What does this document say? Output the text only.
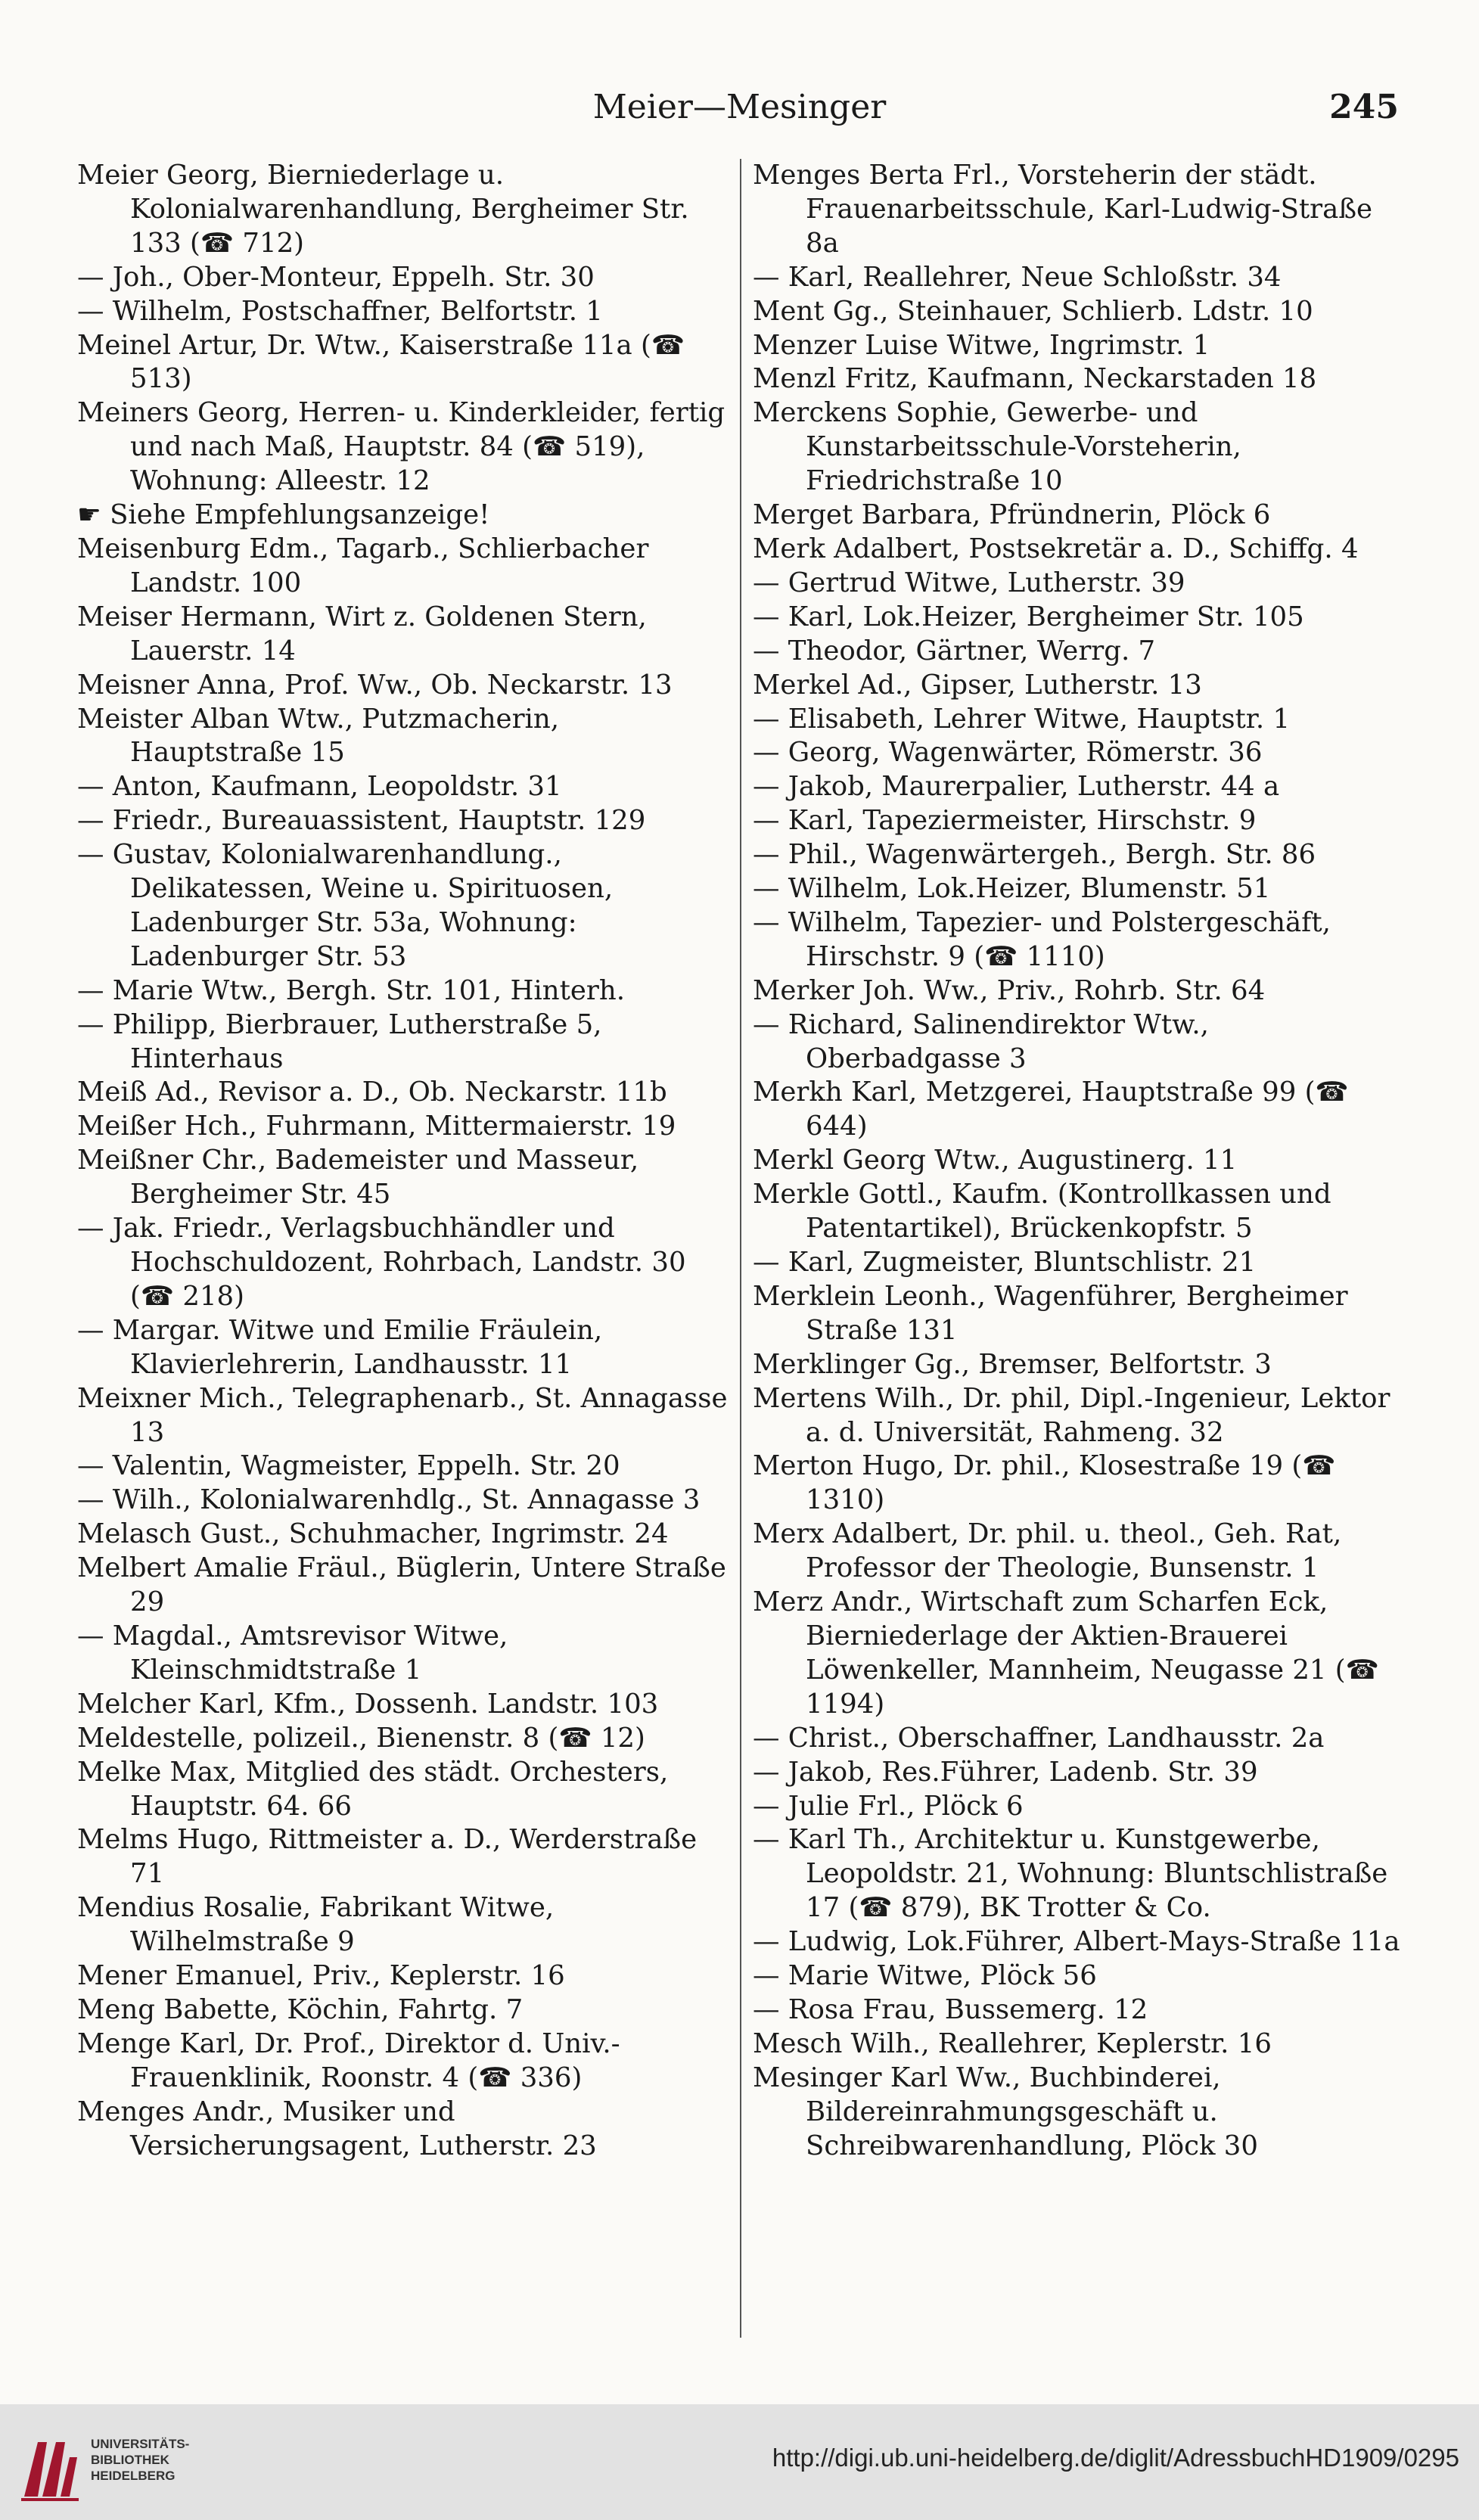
Meier—Mesinger	245
Meier Georg, Bierniederlage u. Kolonialwarenhandlung, Bergheimer Str. 133 (☎ 712)
— Joh., Ober-Monteur, Eppelh. Str. 30
— Wilhelm, Postschaffner, Belfortstr. 1
Meinel Artur, Dr. Wtw., Kaiserstraße 11a (☎ 513)
Meiners Georg, Herren- u. Kinderkleider, fertig und nach Maß, Hauptstr. 84 (☎ 519), Wohnung: Alleestr. 12
☛ Siehe Empfehlungsanzeige!
Meisenburg Edm., Tagarb., Schlierbacher Landstr. 100
Meiser Hermann, Wirt z. Goldenen Stern, Lauerstr. 14
Meisner Anna, Prof. Ww., Ob. Neckarstr. 13
Meister Alban Wtw., Putzmacherin, Hauptstraße 15
— Anton, Kaufmann, Leopoldstr. 31
— Friedr., Bureauassistent, Hauptstr. 129
— Gustav, Kolonialwarenhandlung., Delikatessen, Weine u. Spirituosen, Ladenburger Str. 53a, Wohnung: Ladenburger Str. 53
— Marie Wtw., Bergh. Str. 101, Hinterh.
— Philipp, Bierbrauer, Lutherstraße 5, Hinterhaus
Meiß Ad., Revisor a. D., Ob. Neckarstr. 11b
Meißer Hch., Fuhrmann, Mittermaierstr. 19
Meißner Chr., Bademeister und Masseur, Bergheimer Str. 45
— Jak. Friedr., Verlagsbuchhändler und Hochschuldozent, Rohrbach, Landstr. 30 (☎ 218)
— Margar. Witwe und Emilie Fräulein, Klavierlehrerin, Landhausstr. 11
Meixner Mich., Telegraphenarb., St. Annagasse 13
— Valentin, Wagmeister, Eppelh. Str. 20
— Wilh., Kolonialwarenhdlg., St. Annagasse 3
Melasch Gust., Schuhmacher, Ingrimstr. 24
Melbert Amalie Fräul., Büglerin, Untere Straße 29
— Magdal., Amtsrevisor Witwe, Kleinschmidtstraße 1
Melcher Karl, Kfm., Dossenh. Landstr. 103
Meldestelle, polizeil., Bienenstr. 8 (☎ 12)
Melke Max, Mitglied des städt. Orchesters, Hauptstr. 64. 66
Melms Hugo, Rittmeister a. D., Werderstraße 71
Mendius Rosalie, Fabrikant Witwe, Wilhelmstraße 9
Mener Emanuel, Priv., Keplerstr. 16
Meng Babette, Köchin, Fahrtg. 7
Menge Karl, Dr. Prof., Direktor d. Univ.-Frauenklinik, Roonstr. 4 (☎ 336)
Menges Andr., Musiker und Versicherungsagent, Lutherstr. 23
Menges Berta Frl., Vorsteherin der städt. Frauenarbeitsschule, Karl-Ludwig-Straße 8a
— Karl, Reallehrer, Neue Schloßstr. 34
Ment Gg., Steinhauer, Schlierb. Ldstr. 10
Menzer Luise Witwe, Ingrimstr. 1
Menzl Fritz, Kaufmann, Neckarstaden 18
Merckens Sophie, Gewerbe- und Kunstarbeitsschule-Vorsteherin, Friedrichstraße 10
Merget Barbara, Pfründnerin, Plöck 6
Merk Adalbert, Postsekretär a. D., Schiffg. 4
— Gertrud Witwe, Lutherstr. 39
— Karl, Lok.Heizer, Bergheimer Str. 105
— Theodor, Gärtner, Werrg. 7
Merkel Ad., Gipser, Lutherstr. 13
— Elisabeth, Lehrer Witwe, Hauptstr. 1
— Georg, Wagenwärter, Römerstr. 36
— Jakob, Maurerpalier, Lutherstr. 44 a
— Karl, Tapeziermeister, Hirschstr. 9
— Phil., Wagenwärtergeh., Bergh. Str. 86
— Wilhelm, Lok.Heizer, Blumenstr. 51
— Wilhelm, Tapezier- und Polstergeschäft, Hirschstr. 9 (☎ 1110)
Merker Joh. Ww., Priv., Rohrb. Str. 64
— Richard, Salinendirektor Wtw., Oberbadgasse 3
Merkh Karl, Metzgerei, Hauptstraße 99 (☎ 644)
Merkl Georg Wtw., Augustinerg. 11
Merkle Gottl., Kaufm. (Kontrollkassen und Patentartikel), Brückenkopfstr. 5
— Karl, Zugmeister, Bluntschlistr. 21
Merklein Leonh., Wagenführer, Bergheimer Straße 131
Merklinger Gg., Bremser, Belfortstr. 3
Mertens Wilh., Dr. phil, Dipl.-Ingenieur, Lektor a. d. Universität, Rahmeng. 32
Merton Hugo, Dr. phil., Klosestraße 19 (☎ 1310)
Merx Adalbert, Dr. phil. u. theol., Geh. Rat, Professor der Theologie, Bunsenstr. 1
Merz Andr., Wirtschaft zum Scharfen Eck, Bierniederlage der Aktien-Brauerei Löwenkeller, Mannheim, Neugasse 21 (☎ 1194)
— Christ., Oberschaffner, Landhausstr. 2a
— Jakob, Res.Führer, Ladenb. Str. 39
— Julie Frl., Plöck 6
— Karl Th., Architektur u. Kunstgewerbe, Leopoldstr. 21, Wohnung: Bluntschlistraße 17 (☎ 879), BK Trotter & Co.
— Ludwig, Lok.Führer, Albert-Mays-Straße 11a
— Marie Witwe, Plöck 56
— Rosa Frau, Bussemerg. 12
Mesch Wilh., Reallehrer, Keplerstr. 16
Mesinger Karl Ww., Buchbinderei, Bildereinrahmungsgeschäft u. Schreibwarenhandlung, Plöck 30
UNIVERSITÄTS-
BIBLIOTHEK
HEIDELBERG
http://digi.ub.uni-heidelberg.de/diglit/AdressbuchHD1909/0295
